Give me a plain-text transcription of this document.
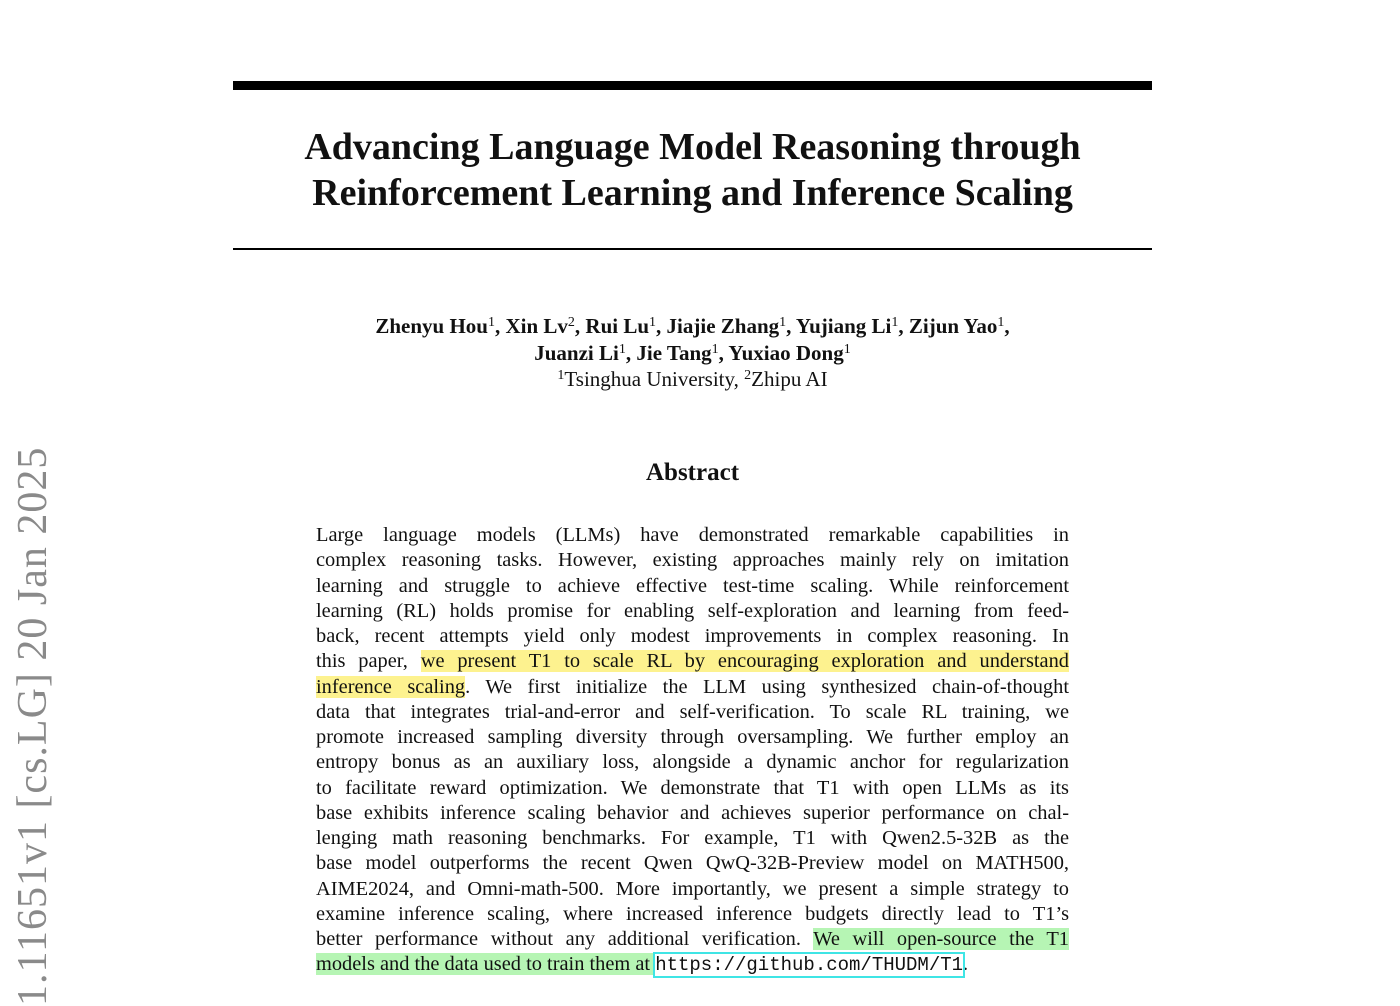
1.11651v1 [cs.LG] 20 Jan 2025
Advancing Language Model Reasoning through
Reinforcement Learning and Inference Scaling
Zhenyu Hou$^1$, Xin Lv$^2$, Rui Lu$^1$, Jiajie Zhang$^1$, Yujiang Li$^1$, Zijun Yao$^1$,
Juanzi Li$^1$, Jie Tang$^1$, Yuxiao Dong$^1$
$^1$Tsinghua University, $^2$Zhipu AI
Abstract
Large language models (LLMs) have demonstrated remarkable capabilities in
complex reasoning tasks. However, existing approaches mainly rely on imitation
learning and struggle to achieve effective test-time scaling. While reinforcement
learning (RL) holds promise for enabling self-exploration and learning from feed-
back, recent attempts yield only modest improvements in complex reasoning. In
this paper, we present T1 to scale RL by encouraging exploration and understand
inference scaling. We first initialize the LLM using synthesized chain-of-thought
data that integrates trial-and-error and self-verification. To scale RL training, we
promote increased sampling diversity through oversampling. We further employ an
entropy bonus as an auxiliary loss, alongside a dynamic anchor for regularization
to facilitate reward optimization. We demonstrate that T1 with open LLMs as its
base exhibits inference scaling behavior and achieves superior performance on chal-
lenging math reasoning benchmarks. For example, T1 with Qwen2.5-32B as the
base model outperforms the recent Qwen QwQ-32B-Preview model on MATH500,
AIME2024, and Omni-math-500. More importantly, we present a simple strategy to
examine inference scaling, where increased inference budgets directly lead to T1’s
better performance without any additional verification. We will open-source the T1
models and the data used to train them at https://github.com/THUDM/T1.
